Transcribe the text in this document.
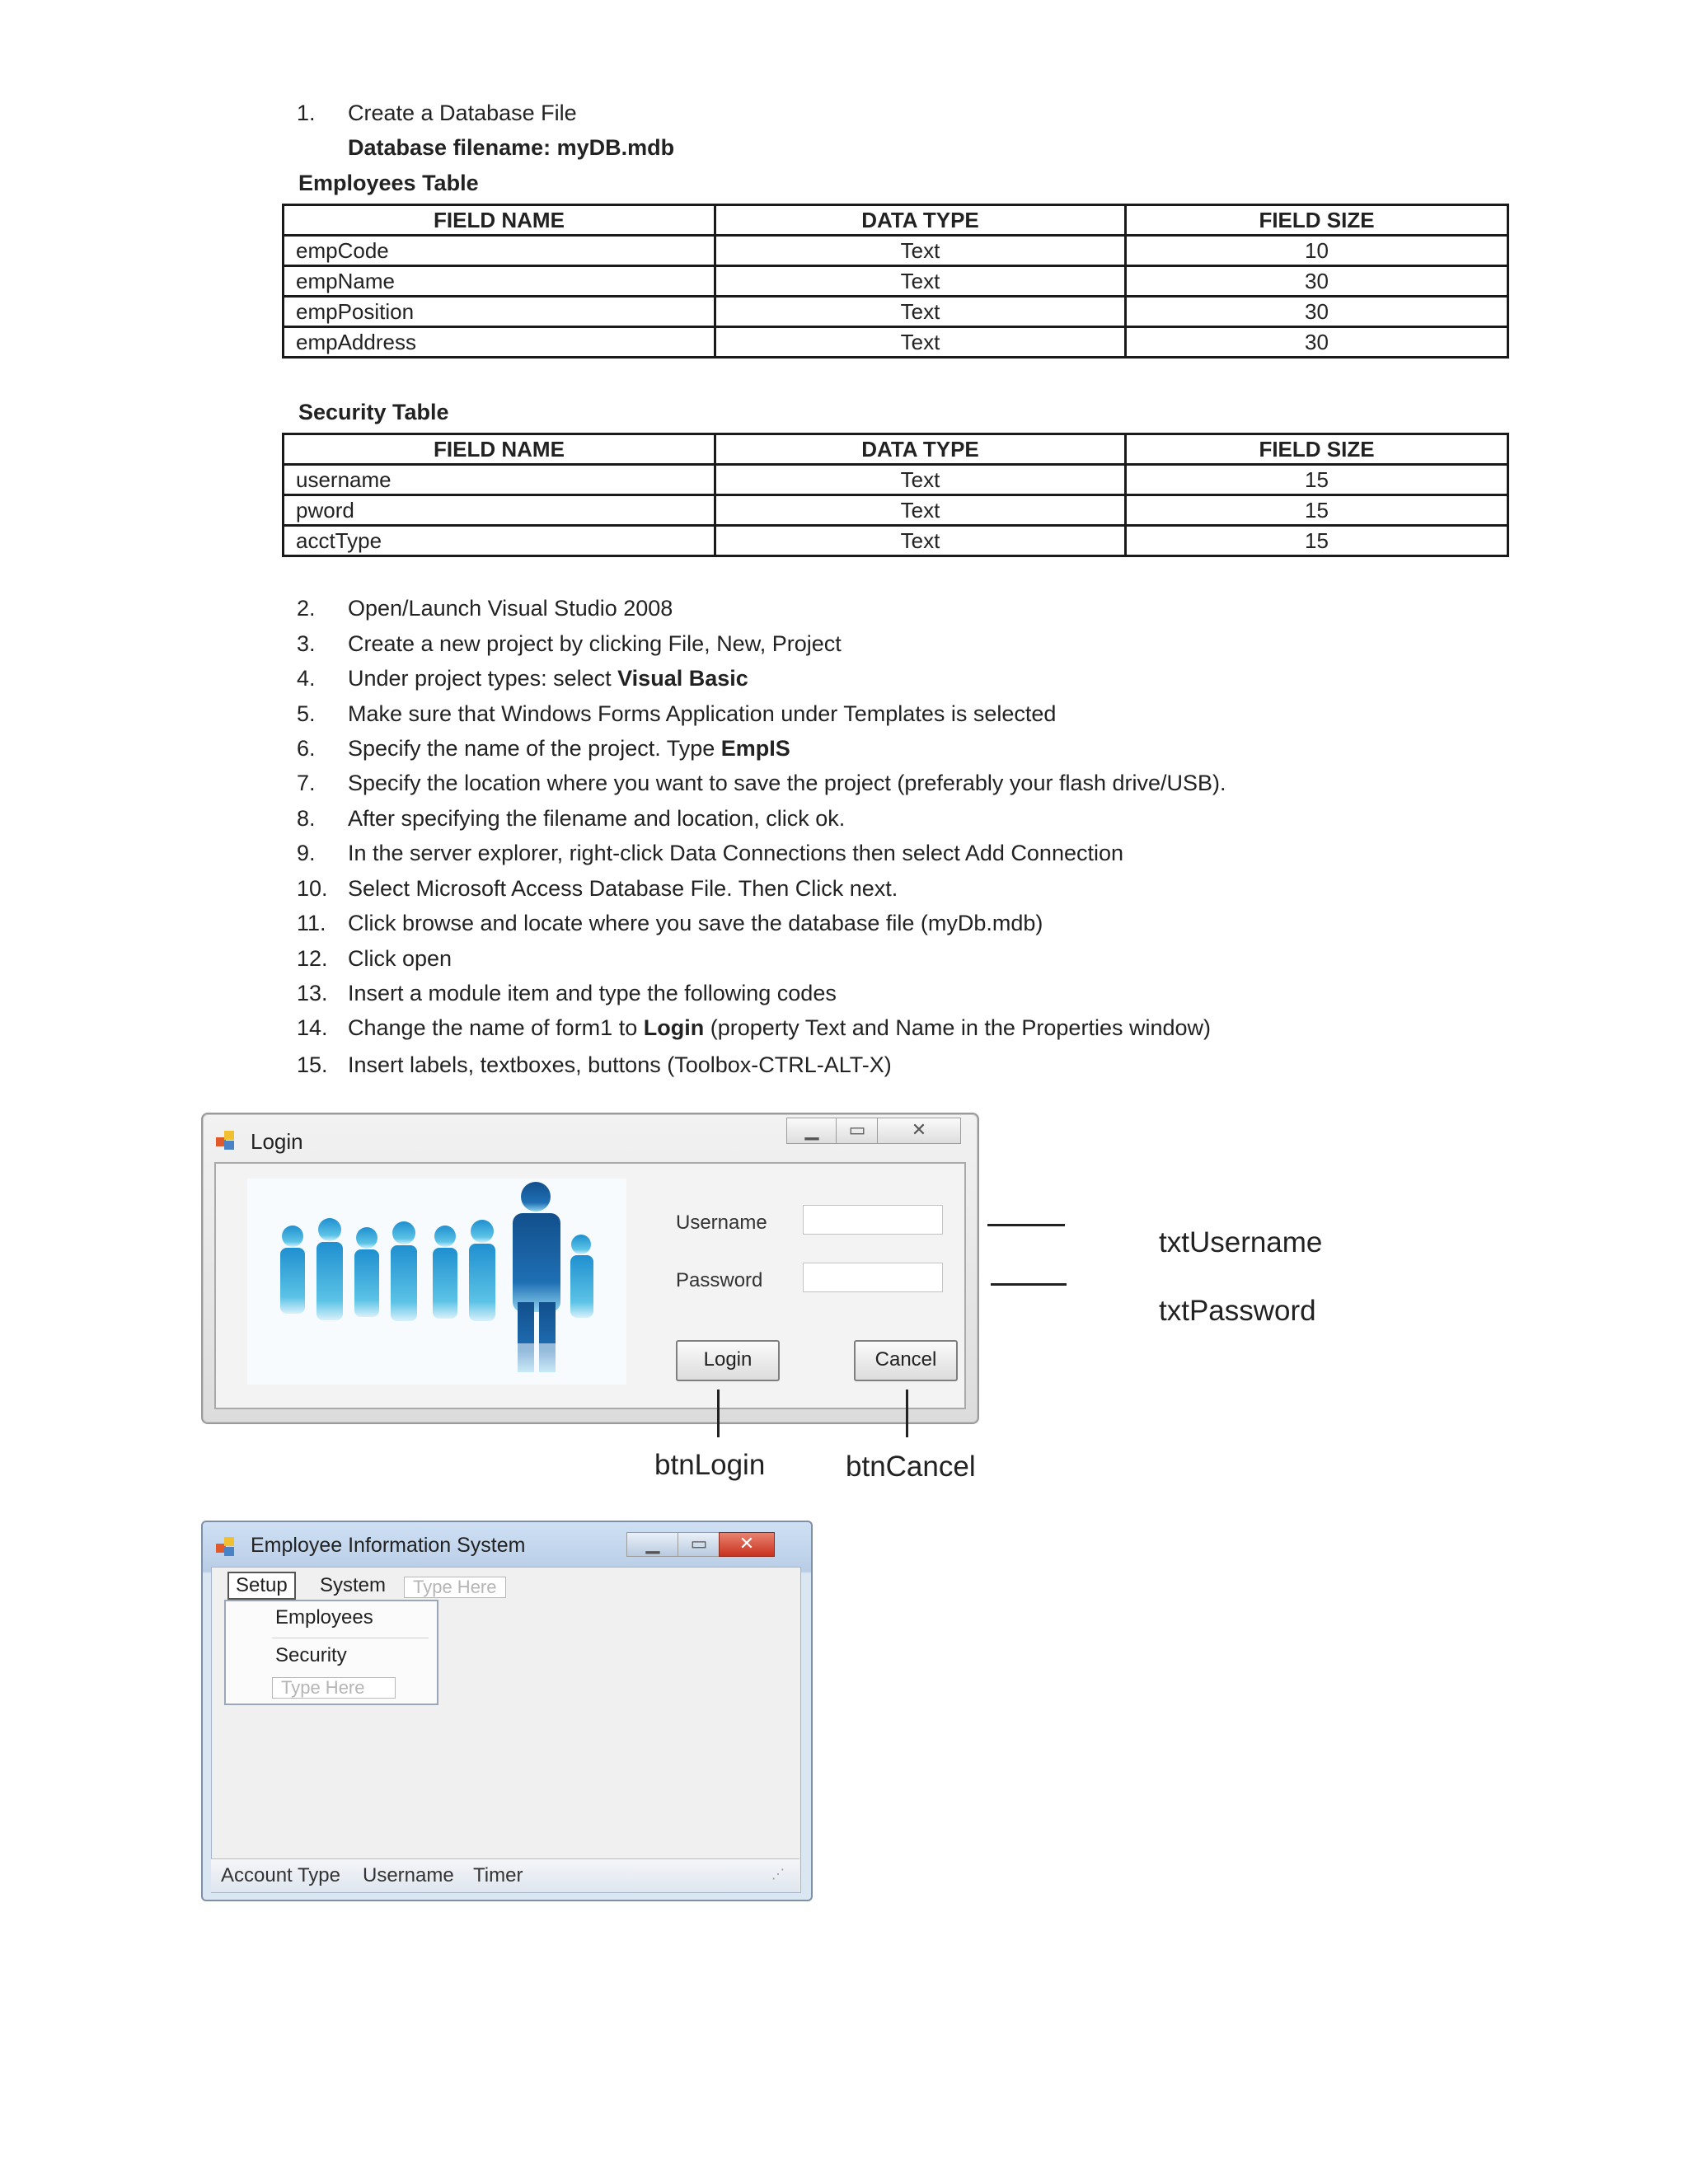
1. Create a Database File
Database filename: myDB.mdb
Employees Table
FIELD NAME	DATA TYPE	FIELD SIZE
empCode	Text	10
empName	Text	30
empPosition	Text	30
empAddress	Text	30
Security Table
FIELD NAME	DATA TYPE	FIELD SIZE
username	Text	15
pword	Text	15
acctType	Text	15
2. Open/Launch Visual Studio 2008
3. Create a new project by clicking File, New, Project
4. Under project types: select Visual Basic
5. Make sure that Windows Forms Application under Templates is selected
6. Specify the name of the project. Type EmpIS
7. Specify the location where you want to save the project (preferably your flash drive/USB).
8. After specifying the filename and location, click ok.
9. In the server explorer, right-click Data Connections then select Add Connection
10. Select Microsoft Access Database File. Then Click next.
11. Click browse and locate where you save the database file (myDb.mdb)
12. Click open
13. Insert a module item and type the following codes
14. Change the name of form1 to Login (property Text and Name in the Properties window)
15. Insert labels, textboxes, buttons (Toolbox-CTRL-ALT-X)
Login	▁	▭	✕
Username
Password
Login	Cancel
txtUsername
txtPassword
btnLogin	btnCancel
Employee Information System	▁	▭	✕
Setup	System	Type Here
Employees
Security
Type Here
Account Type Username Timer	⋰
